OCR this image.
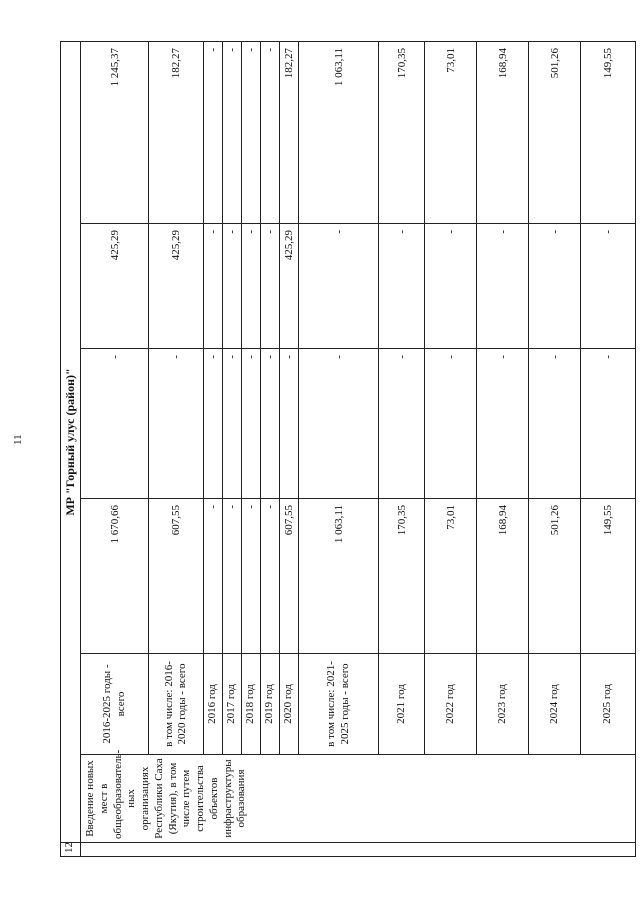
11
12	МР "Горный улус (район)"					
	Введение новых мест в общеобразователь-ных организациях Республики Саха (Якутия), в том числе путем строительства объектов инфраструктуры образования	2016-2025 годы - всего	1 670,66	-	425,29	1 245,37
		в том числе: 2016-2020 годы - всего	607,55	-	425,29	182,27
		2016 год	-	-	-	-
		2017 год	-	-	-	-
		2018 год	-	-	-	-
		2019 год	-	-	-	-
		2020 год	607,55	-	425,29	182,27
		в том числе: 2021-2025 годы - всего	1 063,11	-	-	1 063,11
		2021 год	170,35	-	-	170,35
		2022 год	73,01	-	-	73,01
		2023 год	168,94	-	-	168,94
		2024 год	501,26	-	-	501,26
		2025 год	149,55	-	-	149,55
